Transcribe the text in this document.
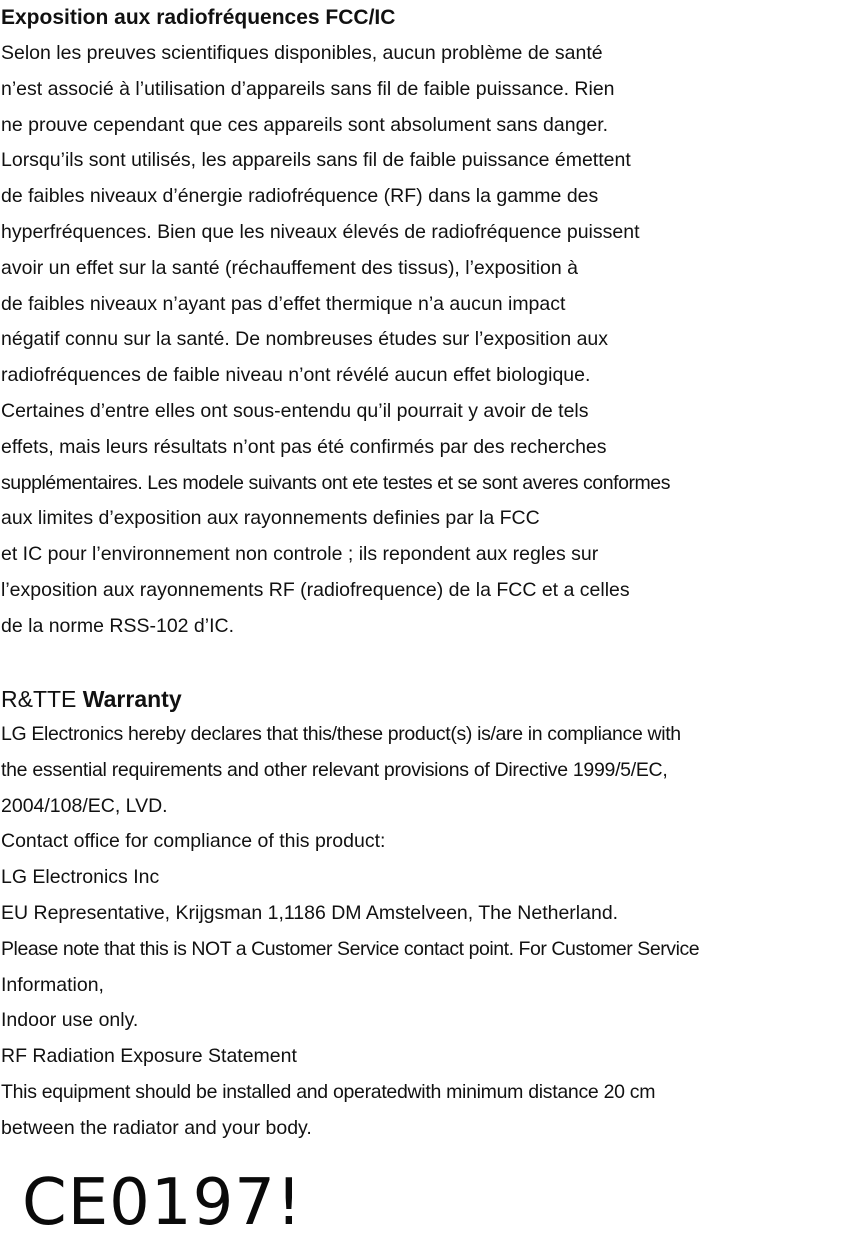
Exposition aux radiofréquences FCC/IC

Selon les preuves scientifiques disponibles, aucun problème de santé

n’est associé à l’utilisation d’appareils sans fil de faible puissance. Rien

ne prouve cependant que ces appareils sont absolument sans danger.

Lorsqu’ils sont utilisés, les appareils sans fil de faible puissance émettent

de faibles niveaux d’énergie radiofréquence (RF) dans la gamme des

hyperfréquences. Bien que les niveaux élevés de radiofréquence puissent

avoir un effet sur la santé (réchauffement des tissus), l’exposition à

de faibles niveaux n’ayant pas d’effet thermique n’a aucun impact

négatif connu sur la santé. De nombreuses études sur l’exposition aux

radiofréquences de faible niveau n’ont révélé aucun effet biologique.

Certaines d’entre elles ont sous-entendu qu’il pourrait y avoir de tels

effets, mais leurs résultats n’ont pas été confirmés par des recherches

supplémentaires. Les modele suivants ont ete testes et se sont averes conformes

aux limites d’exposition aux rayonnements definies par la FCC

et IC pour l’environnement non controle ; ils repondent aux regles sur

l’exposition aux rayonnements RF (radiofrequence) de la FCC et a celles

de la norme RSS-102 d’IC.

R&TTE Warranty

LG Electronics hereby declares that this/these product(s) is/are in compliance with

the essential requirements and other relevant provisions of Directive 1999/5/EC,

2004/108/EC, LVD.

Contact office for compliance of this product:

LG Electronics Inc

EU Representative, Krijgsman 1,1186 DM Amstelveen, The Netherland.

Please note that this is NOT a Customer Service contact point. For Customer Service

Information,

Indoor use only.

RF Radiation Exposure Statement

This equipment should be installed and operatedwith minimum distance 20 cm

between the radiator and your body.

CE0197!
